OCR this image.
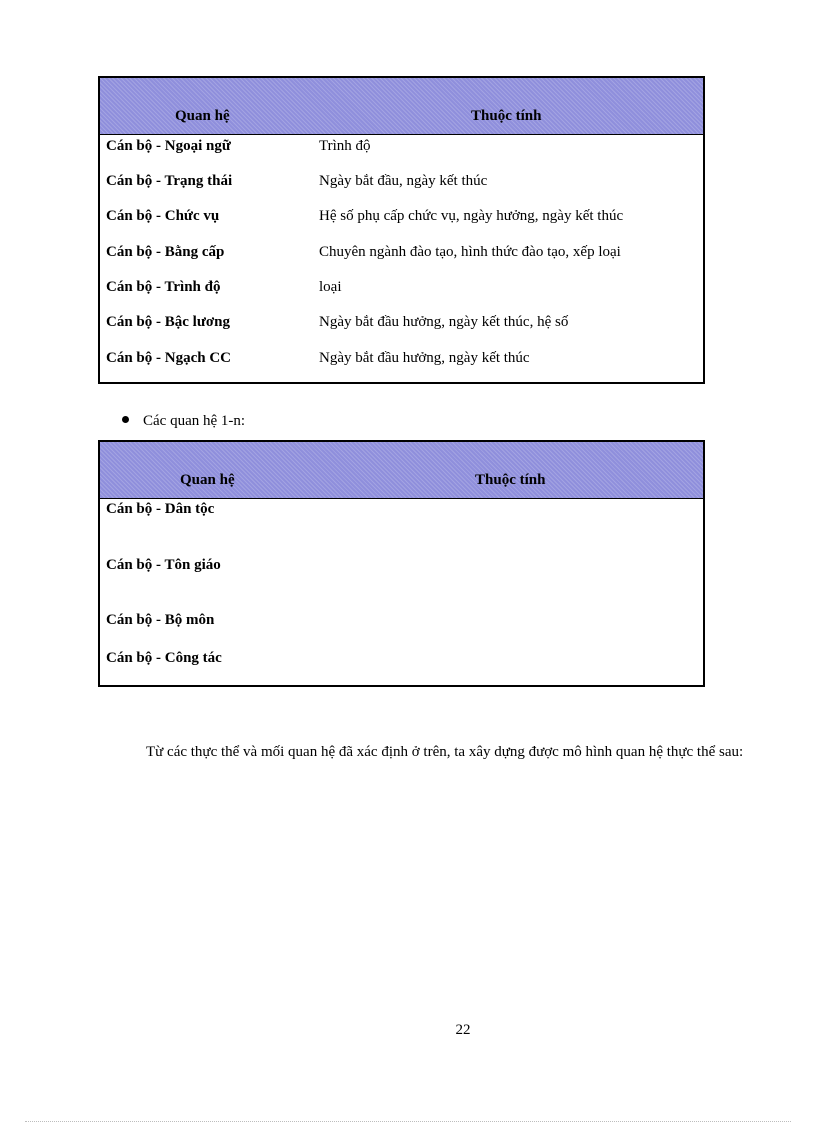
Quan hệ	Thuộc tính
Cán bộ - Ngoại ngữ	Trình độ
Cán bộ - Trạng thái	Ngày bắt đầu, ngày kết thúc
Cán bộ - Chức vụ	Hệ số phụ cấp chức vụ, ngày hưởng, ngày kết thúc
Cán bộ - Bằng cấp	Chuyên ngành đào tạo, hình thức đào tạo, xếp loại
Cán bộ - Trình độ	loại
Cán bộ - Bậc lương	Ngày bắt đầu hưởng, ngày kết thúc, hệ số
Cán bộ - Ngạch CC	Ngày bắt đầu hưởng, ngày kết thúc
Các quan hệ 1-n:
Quan hệ	Thuộc tính
Cán bộ - Dân tộc
Cán bộ - Tôn giáo
Cán bộ - Bộ môn
Cán bộ - Công tác
Từ các thực thể và mối quan hệ đã xác định ở trên, ta xây dựng được mô hình quan hệ thực thể sau:
22
